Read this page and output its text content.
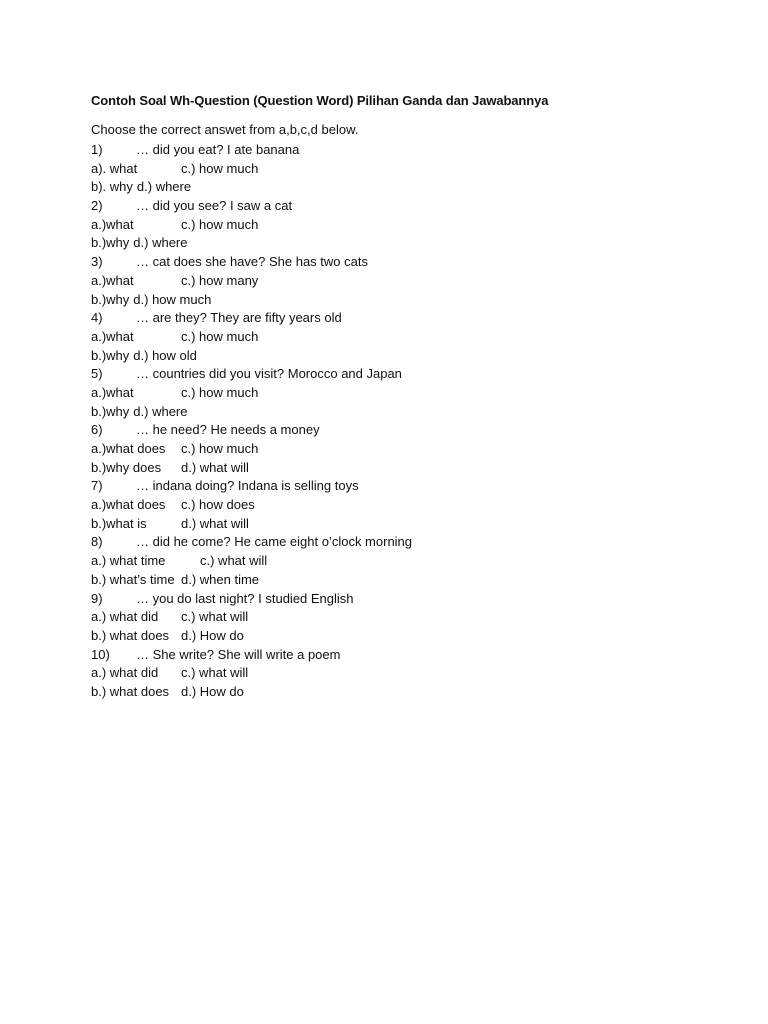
Contoh Soal Wh-Question (Question Word) Pilihan Ganda dan Jawabannya
Choose the correct answet from a,b,c,d below.
1)	… did you eat? I ate banana
a). what	c.) how much
b). why d.) where
2)	… did you see? I saw a cat
a.)what	c.) how much
b.)why d.) where
3)	… cat does she have? She has two cats
a.)what	c.) how many
b.)why d.) how much
4)	… are they? They are fifty years old
a.)what	c.) how much
b.)why d.) how old
5)	… countries did you visit? Morocco and Japan
a.)what	c.) how much
b.)why d.) where
6)	… he need? He needs a money
a.)what does	c.) how much
b.)why does	d.) what will
7)	… indana doing? Indana is selling toys
a.)what does	c.) how does
b.)what is	d.) what will
8)	… did he come? He came eight o’clock morning
a.) what time	c.) what will
b.) what’s time d.) when time
9)	… you do last night? I studied English
a.) what did	c.) what will
b.) what does d.) How do
10)	… She write? She will write a poem
a.) what did	c.) what will
b.) what does d.) How do
